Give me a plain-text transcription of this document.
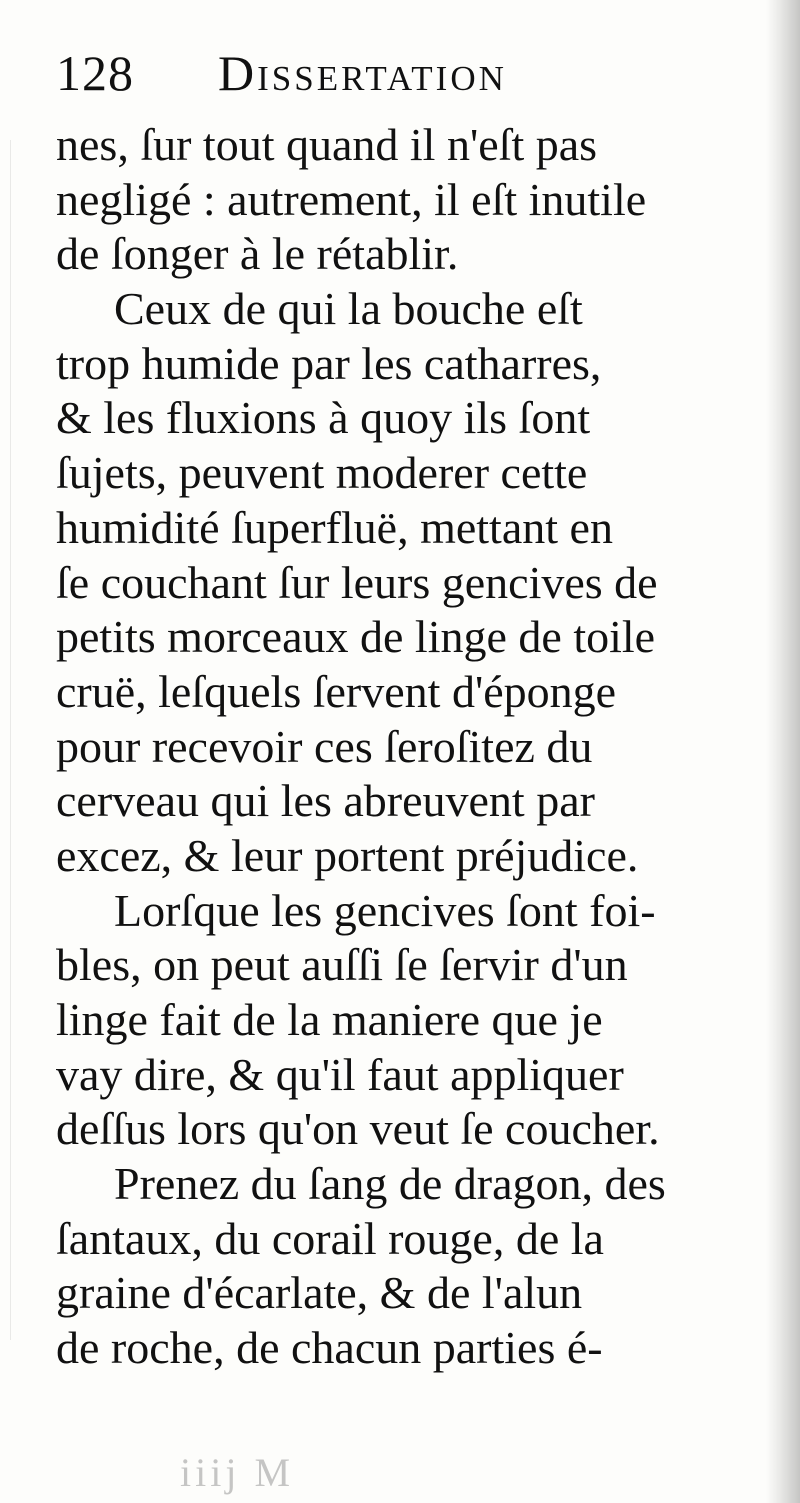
128 Dissertation
nes, ſur tout quand il n'eſt pas
negligé : autrement, il eſt inutile
de ſonger à le rétablir.
Ceux de qui la bouche eſt
trop humide par les catharres,
& les fluxions à quoy ils ſont
ſujets, peuvent moderer cette
humidité ſuperfluë, mettant en
ſe couchant ſur leurs gencives de
petits morceaux de linge de toile
cruë, leſquels ſervent d'éponge
pour recevoir ces ſeroſitez du
cerveau qui les abreuvent par
excez, & leur portent préjudice.
Lorſque les gencives ſont foi-
bles, on peut auſſi ſe ſervir d'un
linge fait de la maniere que je
vay dire, & qu'il faut appliquer
deſſus lors qu'on veut ſe coucher.
Prenez du ſang de dragon, des
ſantaux, du corail rouge, de la
graine d'écarlate, & de l'alun
de roche, de chacun parties é-
iiij M
